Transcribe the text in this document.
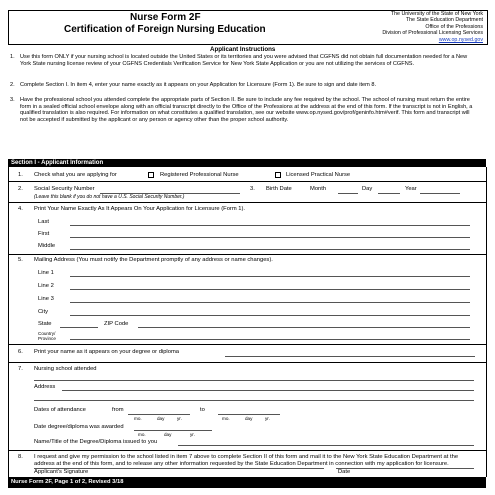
Nurse Form 2F
Certification of Foreign Nursing Education
The University of the State of New York
The State Education Department
Office of the Professions
Division of Professional Licensing Services
www.op.nysed.gov
Applicant Instructions
1. Use this form ONLY if your nursing school is located outside the United States or its territories and you were advised that CGFNS did not obtain full documentation needed for a New York State nursing license review of your CGFNS Credentials Verification Service for New York State Application or you are not utilizing the services of CGFNS.
2. Complete Section I. In item 4, enter your name exactly as it appears on your Application for Licensure (Form 1). Be sure to sign and date item 8.
3. Have the professional school you attended complete the appropriate parts of Section II. Be sure to include any fee required by the school. The school of nursing must return the entire form in a sealed official school envelope along with an official transcript directly to the Office of the Professions at the address at the end of this form. If the transcript is not in English, a qualified translation is also required. For information on what constitutes a qualified translation, see our website www.op.nysed.gov/prof/geninfo.htm#verif. This form and transcript will not be accepted if submitted by the applicant or any person or agency other than the proper school authority.
Section I - Applicant Information
1. Check what you are applying for	Registered Professional Nurse	Licensed Practical Nurse
2. Social Security Number
(Leave this blank if you do not have a U.S. Social Security Number.)
3. Birth Date	Month	Day	Year
4. Print Your Name Exactly As It Appears On Your Application for Licensure (Form 1).
Last
First
Middle
5. Mailing Address (You must notify the Department promptly of any address or name changes).
Line 1
Line 2
Line 3
City
State	ZIP Code
Country/ Province
6. Print your name as it appears on your degree or diploma
7. Nursing school attended
Address
Dates of attendance	from
mo.	day	yr.
to
mo.	day	yr.
Date degree/diploma was awarded
mo.	day	yr.
Name/Title of the Degree/Diploma issued to you
8. I request and give my permission to the school listed in item 7 above to complete Section II of this form and mail it to the New York State Education Department at the address at the end of this form, and to release any other information requested by the State Education Department in connection with my application for licensure.
Applicant's Signature	Date
Nurse Form 2F, Page 1 of 2, Revised 3/18
